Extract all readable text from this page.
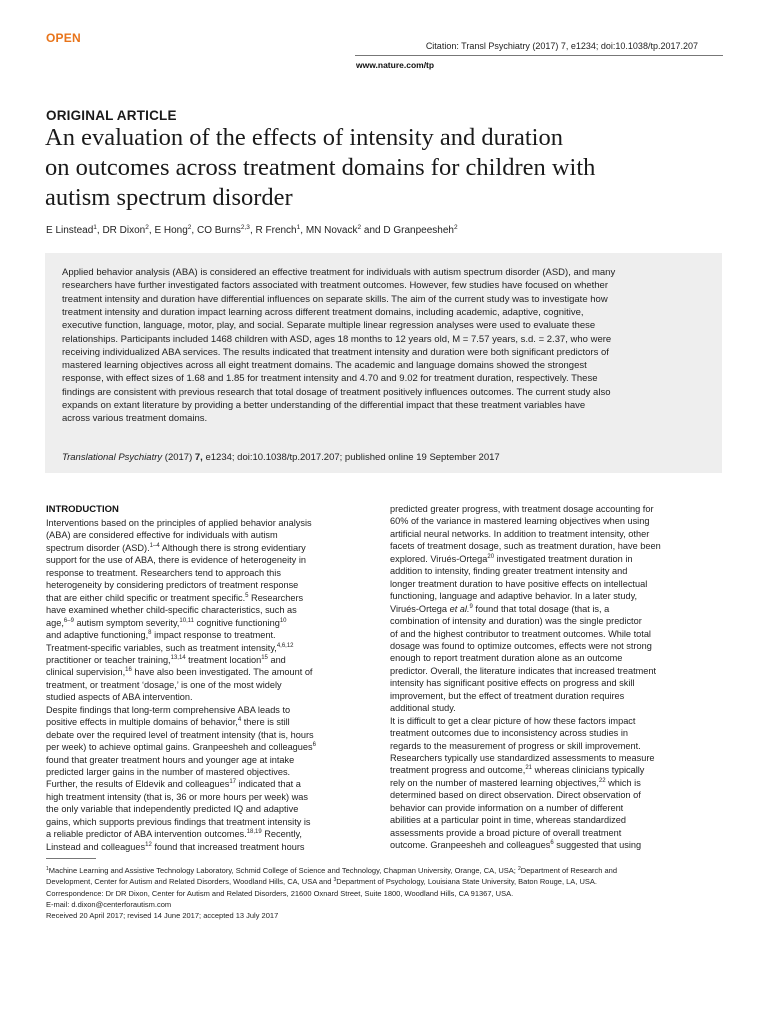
OPEN
Citation: Transl Psychiatry (2017) 7, e1234; doi:10.1038/tp.2017.207
www.nature.com/tp
ORIGINAL ARTICLE
An evaluation of the effects of intensity and duration
on outcomes across treatment domains for children with
autism spectrum disorder
E Linstead$^1$, DR Dixon$^2$, E Hong$^2$, CO Burns$^{2,3}$, R French$^1$, MN Novack$^2$ and D Granpeesheh$^2$
Applied behavior analysis (ABA) is considered an effective treatment for individuals with autism spectrum disorder (ASD), and many
researchers have further investigated factors associated with treatment outcomes. However, few studies have focused on whether
treatment intensity and duration have differential influences on separate skills. The aim of the current study was to investigate how
treatment intensity and duration impact learning across different treatment domains, including academic, adaptive, cognitive,
executive function, language, motor, play, and social. Separate multiple linear regression analyses were used to evaluate these
relationships. Participants included 1468 children with ASD, ages 18 months to 12 years old, M = 7.57 years, s.d. = 2.37, who were
receiving individualized ABA services. The results indicated that treatment intensity and duration were both significant predictors of
mastered learning objectives across all eight treatment domains. The academic and language domains showed the strongest
response, with effect sizes of 1.68 and 1.85 for treatment intensity and 4.70 and 9.02 for treatment duration, respectively. These
findings are consistent with previous research that total dosage of treatment positively influences outcomes. The current study also
expands on extant literature by providing a better understanding of the differential impact that these treatment variables have
across various treatment domains.
Translational Psychiatry (2017) 7, e1234; doi:10.1038/tp.2017.207; published online 19 September 2017
INTRODUCTION
Interventions based on the principles of applied behavior analysis
(ABA) are considered effective for individuals with autism
spectrum disorder (ASD).$^{1-4}$ Although there is strong evidentiary
support for the use of ABA, there is evidence of heterogeneity in
response to treatment. Researchers tend to approach this
heterogeneity by considering predictors of treatment response
that are either child specific or treatment specific.$^5$ Researchers
have examined whether child-specific characteristics, such as
age,$^{6-9}$ autism symptom severity,$^{10,11}$ cognitive functioning$^{10}$
and adaptive functioning,$^8$ impact response to treatment.
Treatment-specific variables, such as treatment intensity,$^{4,6,12}$
practitioner or teacher training,$^{13,14}$ treatment location$^{15}$ and
clinical supervision,$^{16}$ have also been investigated. The amount of
treatment, or treatment ‘dosage,’ is one of the most widely
studied aspects of ABA intervention.
Despite findings that long-term comprehensive ABA leads to
positive effects in multiple domains of behavior,$^4$ there is still
debate over the required level of treatment intensity (that is, hours
per week) to achieve optimal gains. Granpeesheh and colleagues$^6$
found that greater treatment hours and younger age at intake
predicted larger gains in the number of mastered objectives.
Further, the results of Eldevik and colleagues$^{17}$ indicated that a
high treatment intensity (that is, 36 or more hours per week) was
the only variable that independently predicted IQ and adaptive
gains, which supports previous findings that treatment intensity is
a reliable predictor of ABA intervention outcomes.$^{18,19}$ Recently,
Linstead and colleagues$^{12}$ found that increased treatment hours
predicted greater progress, with treatment dosage accounting for
60% of the variance in mastered learning objectives when using
artificial neural networks. In addition to treatment intensity, other
facets of treatment dosage, such as treatment duration, have been
explored. Virués-Ortega$^{20}$ investigated treatment duration in
addition to intensity, finding greater treatment intensity and
longer treatment duration to have positive effects on intellectual
functioning, language and adaptive behavior. In a later study,
Virués-Ortega et al.$^9$ found that total dosage (that is, a
combination of intensity and duration) was the single predictor
of and the highest contributor to treatment outcomes. While total
dosage was found to optimize outcomes, effects were not strong
enough to report treatment duration alone as an outcome
predictor. Overall, the literature indicates that increased treatment
intensity has significant positive effects on progress and skill
improvement, but the effect of treatment duration requires
additional study.
It is difficult to get a clear picture of how these factors impact
treatment outcomes due to inconsistency across studies in
regards to the measurement of progress or skill improvement.
Researchers typically use standardized assessments to measure
treatment progress and outcome,$^{21}$ whereas clinicians typically
rely on the number of mastered learning objectives,$^{22}$ which is
determined based on direct observation. Direct observation of
behavior can provide information on a number of different
abilities at a particular point in time, whereas standardized
assessments provide a broad picture of overall treatment
outcome. Granpeesheh and colleagues$^6$ suggested that using
$^1$Machine Learning and Assistive Technology Laboratory, Schmid College of Science and Technology, Chapman University, Orange, CA, USA; $^2$Department of Research and
Development, Center for Autism and Related Disorders, Woodland Hills, CA, USA and $^3$Department of Psychology, Louisiana State University, Baton Rouge, LA, USA.
Correspondence: Dr DR Dixon, Center for Autism and Related Disorders, 21600 Oxnard Street, Suite 1800, Woodland Hills, CA 91367, USA.
E-mail: d.dixon@centerforautism.com
Received 20 April 2017; revised 14 June 2017; accepted 13 July 2017
